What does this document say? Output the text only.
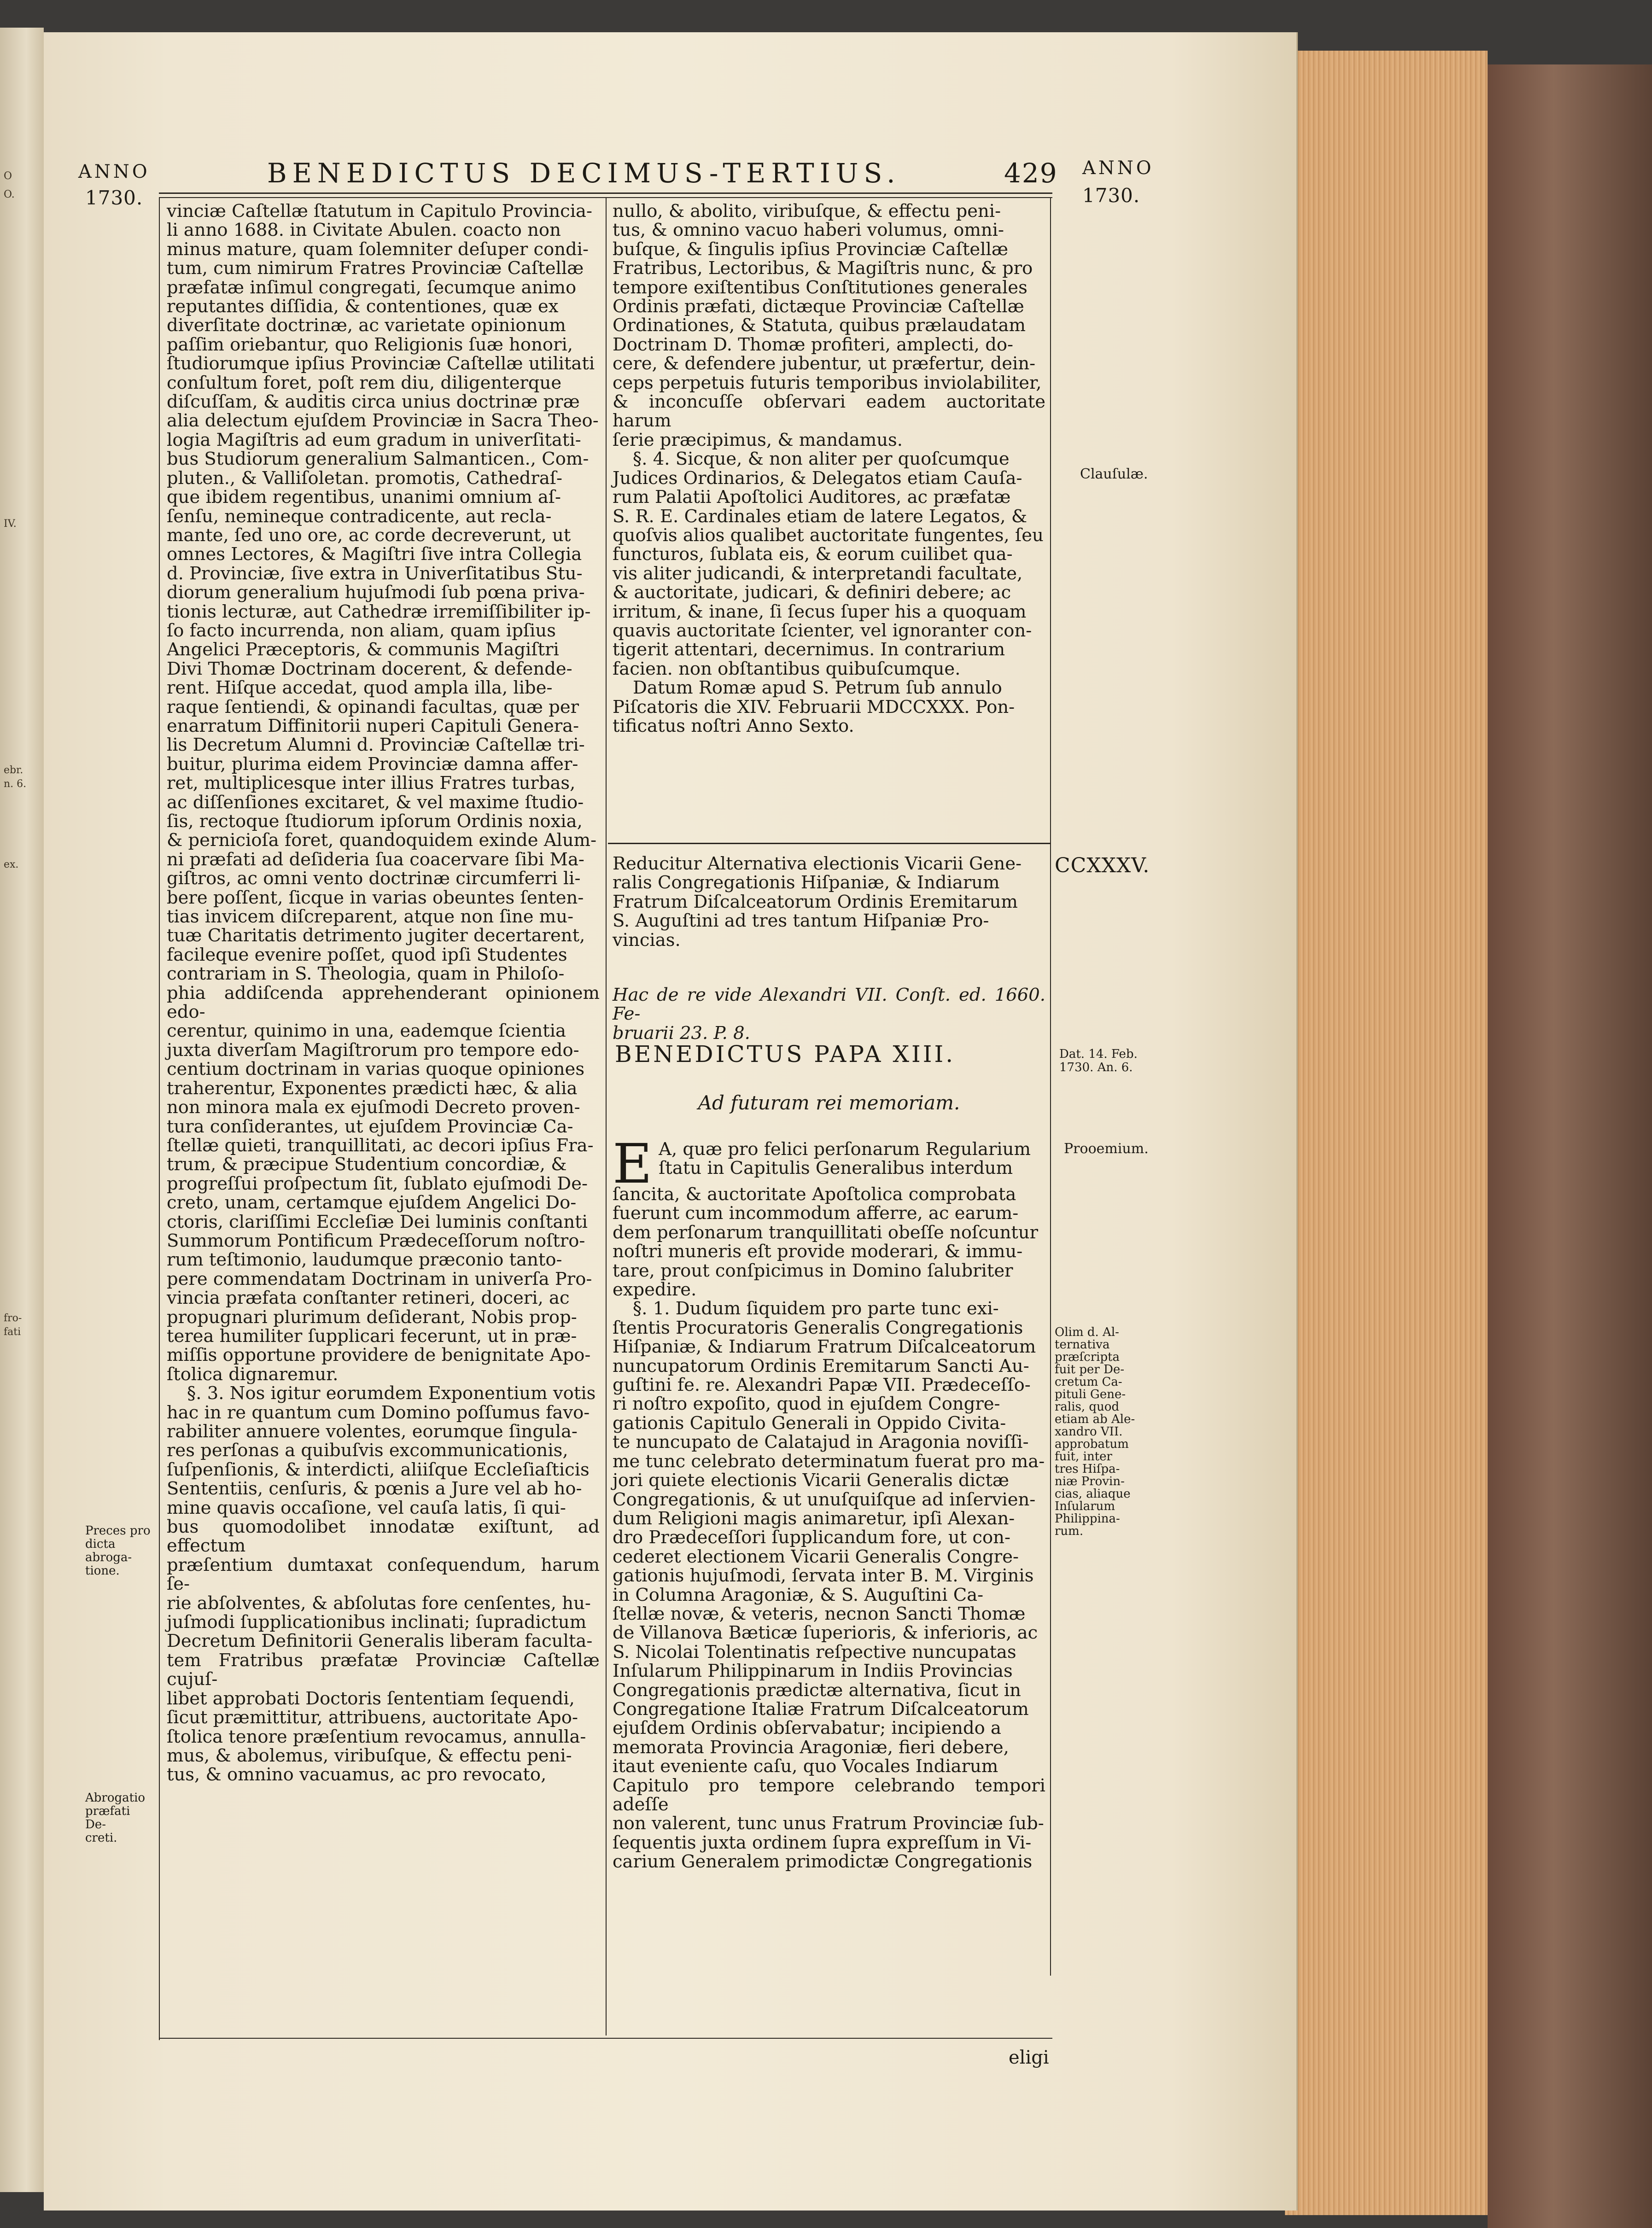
O
O.
IV.
ebr.
n. 6.
ex.
fro-
fati
ANNO
1730.
BENEDICTUS DECIMUS-TERTIUS.	429 ANNO
1730.
vinciæ Caſtellæ ſtatutum in Capitulo Provincia-
li anno 1688. in Civitate Abulen. coacto non
minus mature, quam ſolemniter deſuper condi-
tum, cum nimirum Fratres Provinciæ Caſtellæ
præfatæ inſimul congregati, ſecumque animo
reputantes diſſidia, & contentiones, quæ ex
diverſitate doctrinæ, ac varietate opinionum
paſſim oriebantur, quo Religionis ſuæ honori,
ſtudiorumque ipſius Provinciæ Caſtellæ utilitati
conſultum foret, poſt rem diu, diligenterque
diſcuſſam, & auditis circa unius doctrinæ præ
alia delectum ejuſdem Provinciæ in Sacra Theo-
logia Magiſtris ad eum gradum in univerſitati-
bus Studiorum generalium Salmanticen., Com-
pluten., & Valliſoletan. promotis, Cathedraſ-
que ibidem regentibus, unanimi omnium aſ-
ſenſu, nemineque contradicente, aut recla-
mante, ſed uno ore, ac corde decreverunt, ut
omnes Lectores, & Magiſtri ſive intra Collegia
d. Provinciæ, ſive extra in Univerſitatibus Stu-
diorum generalium hujuſmodi ſub pœna priva-
tionis lecturæ, aut Cathedræ irremiſſibiliter ip-
ſo facto incurrenda, non aliam, quam ipſius
Angelici Præceptoris, & communis Magiſtri
Divi Thomæ Doctrinam docerent, & defende-
rent. Hiſque accedat, quod ampla illa, libe-
raque ſentiendi, & opinandi facultas, quæ per
enarratum Diffinitorii nuperi Capituli Genera-
lis Decretum Alumni d. Provinciæ Caſtellæ tri-
buitur, plurima eidem Provinciæ damna affer-
ret, multiplicesque inter illius Fratres turbas,
ac diſſenſiones excitaret, & vel maxime ſtudio-
ſis, rectoque ſtudiorum ipſorum Ordinis noxia,
& pernicioſa foret, quandoquidem exinde Alum-
ni præfati ad deſideria ſua coacervare ſibi Ma-
giſtros, ac omni vento doctrinæ circumferri li-
bere poſſent, ſicque in varias obeuntes ſenten-
tias invicem diſcreparent, atque non ſine mu-
tuæ Charitatis detrimento jugiter decertarent,
facileque evenire poſſet, quod ipſi Studentes
contrariam in S. Theologia, quam in Philoſo-
phia addiſcenda apprehenderant opinionem edo-
cerentur, quinimo in una, eademque ſcientia
juxta diverſam Magiſtrorum pro tempore edo-
centium doctrinam in varias quoque opiniones
traherentur, Exponentes prædicti hæc, & alia
non minora mala ex ejuſmodi Decreto proven-
tura conſiderantes, ut ejuſdem Provinciæ Ca-
ſtellæ quieti, tranquillitati, ac decori ipſius Fra-
trum, & præcipue Studentium concordiæ, &
progreſſui proſpectum ſit, ſublato ejuſmodi De-
creto, unam, certamque ejuſdem Angelici Do-
ctoris, clariſſimi Eccleſiæ Dei luminis conſtanti
Summorum Pontificum Prædeceſſorum noſtro-
rum teſtimonio, laudumque præconio tanto-
pere commendatam Doctrinam in univerſa Pro-
vincia præfata conſtanter retineri, doceri, ac
propugnari plurimum deſiderant, Nobis prop-
terea humiliter ſupplicari fecerunt, ut in præ-
miſſis opportune providere de benignitate Apo-
ſtolica dignaremur.
§. 3. Nos igitur eorumdem Exponentium votis
hac in re quantum cum Domino poſſumus favo-
rabiliter annuere volentes, eorumque ſingula-
res perſonas a quibuſvis excommunicationis,
ſuſpenſionis, & interdicti, aliiſque Eccleſiaſticis
Sententiis, cenſuris, & pœnis a Jure vel ab ho-
mine quavis occaſione, vel cauſa latis, ſi qui-
bus quomodolibet innodatæ exiſtunt, ad effectum
præſentium dumtaxat conſequendum, harum ſe-
rie abſolventes, & abſolutas fore cenſentes, hu-
juſmodi ſupplicationibus inclinati; ſupradictum
Decretum Definitorii Generalis liberam faculta-
tem Fratribus præfatæ Provinciæ Caſtellæ cujuſ-
libet approbati Doctoris ſententiam ſequendi,
ſicut præmittitur, attribuens, auctoritate Apo-
ſtolica tenore præſentium revocamus, annulla-
mus, & abolemus, viribuſque, & effectu peni-
tus, & omnino vacuamus, ac pro revocato,
nullo, & abolito, viribuſque, & effectu peni-
tus, & omnino vacuo haberi volumus, omni-
buſque, & ſingulis ipſius Provinciæ Caſtellæ
Fratribus, Lectoribus, & Magiſtris nunc, & pro
tempore exiſtentibus Conſtitutiones generales
Ordinis præfati, dictæque Provinciæ Caſtellæ
Ordinationes, & Statuta, quibus prælaudatam
Doctrinam D. Thomæ profiteri, amplecti, do-
cere, & defendere jubentur, ut præfertur, dein-
ceps perpetuis futuris temporibus inviolabiliter,
& inconcuſſe obſervari eadem auctoritate harum
ſerie præcipimus, & mandamus.
§. 4. Sicque, & non aliter per quoſcumque
Judices Ordinarios, & Delegatos etiam Cauſa-
rum Palatii Apoſtolici Auditores, ac præfatæ
S. R. E. Cardinales etiam de latere Legatos, &
quoſvis alios qualibet auctoritate fungentes, ſeu
functuros, ſublata eis, & eorum cuilibet qua-
vis aliter judicandi, & interpretandi facultate,
& auctoritate, judicari, & definiri debere; ac
irritum, & inane, ſi ſecus ſuper his a quoquam
quavis auctoritate ſcienter, vel ignoranter con-
tigerit attentari, decernimus. In contrarium
facien. non obſtantibus quibuſcumque.
Datum Romæ apud S. Petrum ſub annulo
Piſcatoris die XIV. Februarii MDCCXXX. Pon-
tificatus noſtri Anno Sexto.
Reducitur Alternativa electionis Vicarii Gene-
ralis Congregationis Hiſpaniæ, & Indiarum
Fratrum Diſcalceatorum Ordinis Eremitarum
S. Auguſtini ad tres tantum Hiſpaniæ Pro-
vincias.
Hac de re vide Alexandri VII. Conſt. ed. 1660. Fe-
bruarii 23. P. 8.
BENEDICTUS PAPA XIII.
Ad futuram rei memoriam.
E A, quæ pro felici perſonarum Regularium
ſtatu in Capitulis Generalibus interdum
ſancita, & auctoritate Apoſtolica comprobata
fuerunt cum incommodum afferre, ac earum-
dem perſonarum tranquillitati obeſſe noſcuntur
noſtri muneris eſt provide moderari, & immu-
tare, prout conſpicimus in Domino ſalubriter
expedire.
§. 1. Dudum ſiquidem pro parte tunc exi-
ſtentis Procuratoris Generalis Congregationis
Hiſpaniæ, & Indiarum Fratrum Diſcalceatorum
nuncupatorum Ordinis Eremitarum Sancti Au-
guſtini fe. re. Alexandri Papæ VII. Prædeceſſo-
ri noſtro expoſito, quod in ejuſdem Congre-
gationis Capitulo Generali in Oppido Civita-
te nuncupato de Calatajud in Aragonia noviſſi-
me tunc celebrato determinatum fuerat pro ma-
jori quiete electionis Vicarii Generalis dictæ
Congregationis, & ut unuſquiſque ad inſervien-
dum Religioni magis animaretur, ipſi Alexan-
dro Prædeceſſori ſupplicandum fore, ut con-
cederet electionem Vicarii Generalis Congre-
gationis hujuſmodi, ſervata inter B. M. Virginis
in Columna Aragoniæ, & S. Auguſtini Ca-
ſtellæ novæ, & veteris, necnon Sancti Thomæ
de Villanova Bæticæ ſuperioris, & inferioris, ac
S. Nicolai Tolentinatis reſpective nuncupatas
Inſularum Philippinarum in Indiis Provincias
Congregationis prædictæ alternativa, ſicut in
Congregatione Italiæ Fratrum Diſcalceatorum
ejuſdem Ordinis obſervabatur; incipiendo a
memorata Provincia Aragoniæ, fieri debere,
itaut eveniente caſu, quo Vocales Indiarum
Capitulo pro tempore celebrando tempori adeſſe
non valerent, tunc unus Fratrum Provinciæ ſub-
ſequentis juxta ordinem ſupra expreſſum in Vi-
carium Generalem primodictæ Congregationis
eligi
Preces pro
dicta abroga-
tione.
Abrogatio
præfati De-
creti.
Clauſulæ.
CCXXXV.
Dat. 14. Feb.
1730. An. 6.
Prooemium.
Olim d. Al-
ternativa
præſcripta
fuit per De-
cretum Ca-
pituli Gene-
ralis, quod
etiam ab Ale-
xandro VII.
approbatum
fuit, inter
tres Hiſpa-
niæ Provin-
cias, aliaque
Inſularum
Philippina-
rum.
